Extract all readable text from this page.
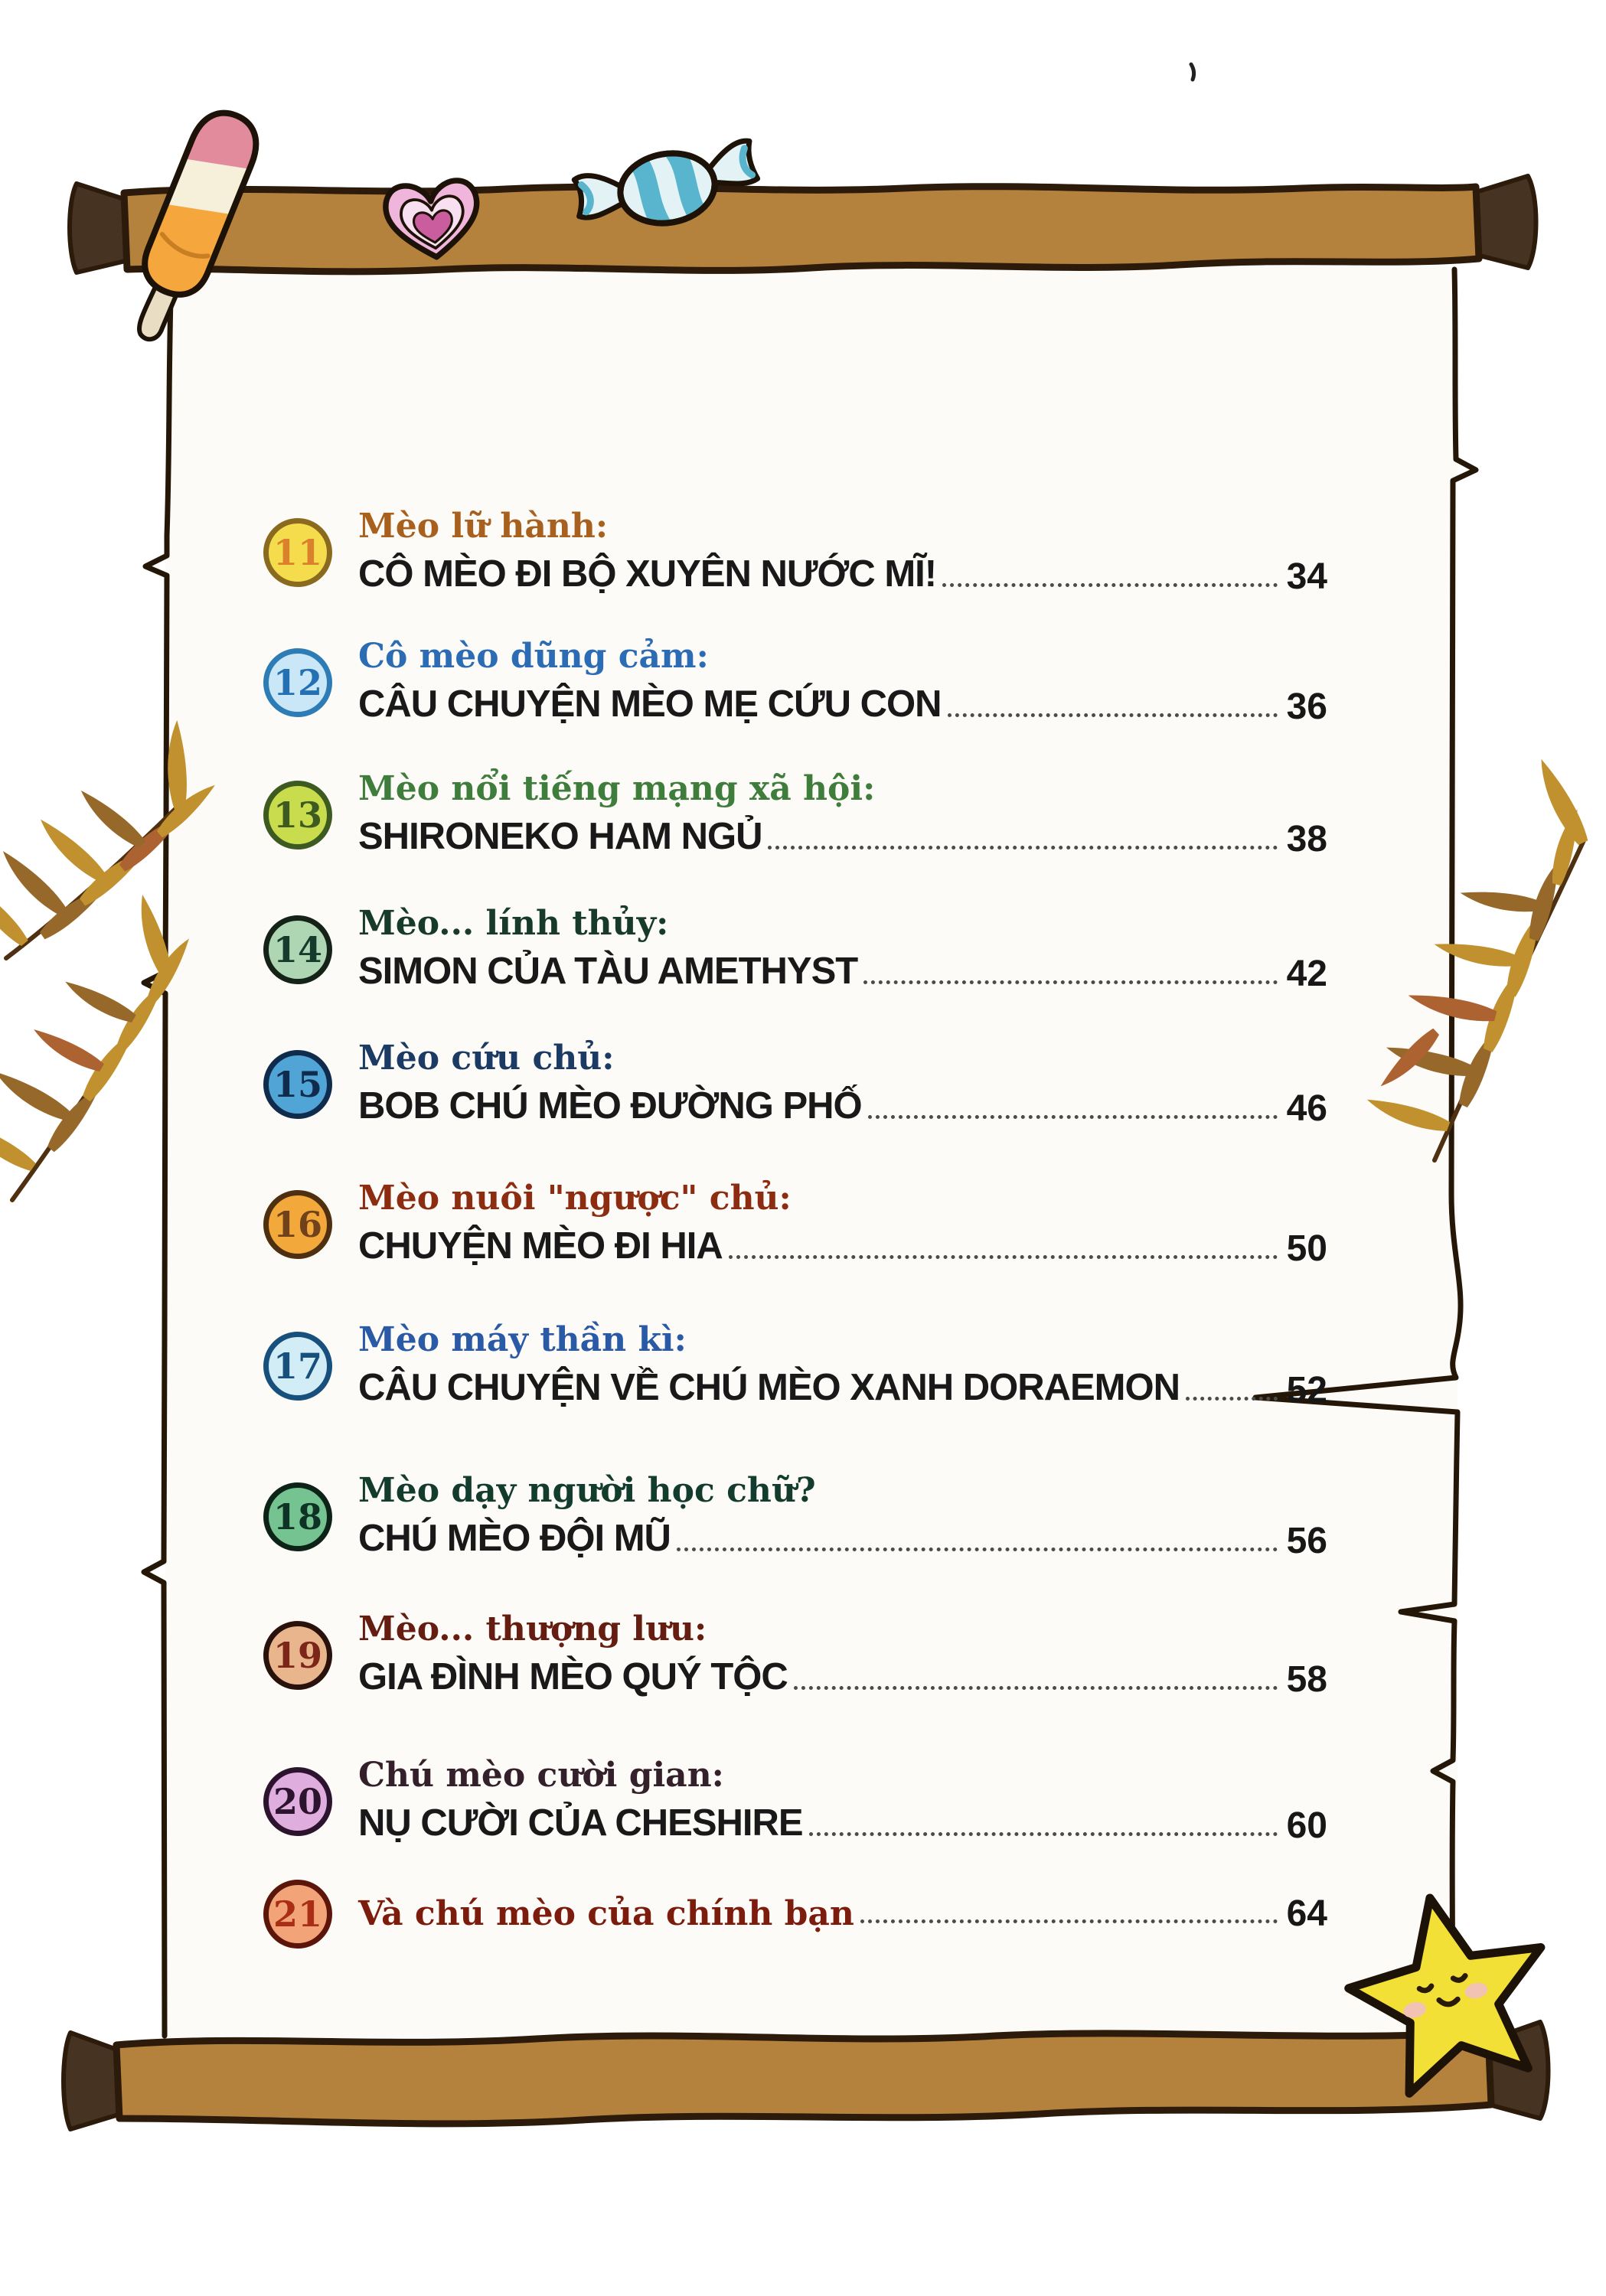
11
Mèo lữ hành:
CÔ MÈO ĐI BỘ XUYÊN NƯỚC MĨ!	34
12
Cô mèo dũng cảm:
CÂU CHUYỆN MÈO MẸ CỨU CON	36
13
Mèo nổi tiếng mạng xã hội:
SHIRONEKO HAM NGỦ	38
14
Mèo... lính thủy:
SIMON CỦA TÀU AMETHYST	42
15
Mèo cứu chủ:
BOB CHÚ MÈO ĐƯỜNG PHỐ	46
16
Mèo nuôi "ngược" chủ:
CHUYỆN MÈO ĐI HIA	50
17
Mèo máy thần kì:
CÂU CHUYỆN VỀ CHÚ MÈO XANH DORAEMON	52
18
Mèo dạy người học chữ?
CHÚ MÈO ĐỘI MŨ	56
19
Mèo... thượng lưu:
GIA ĐÌNH MÈO QUÝ TỘC	58
20
Chú mèo cười gian:
NỤ CƯỜI CỦA CHESHIRE	60
21 Và chú mèo của chính bạn	64
